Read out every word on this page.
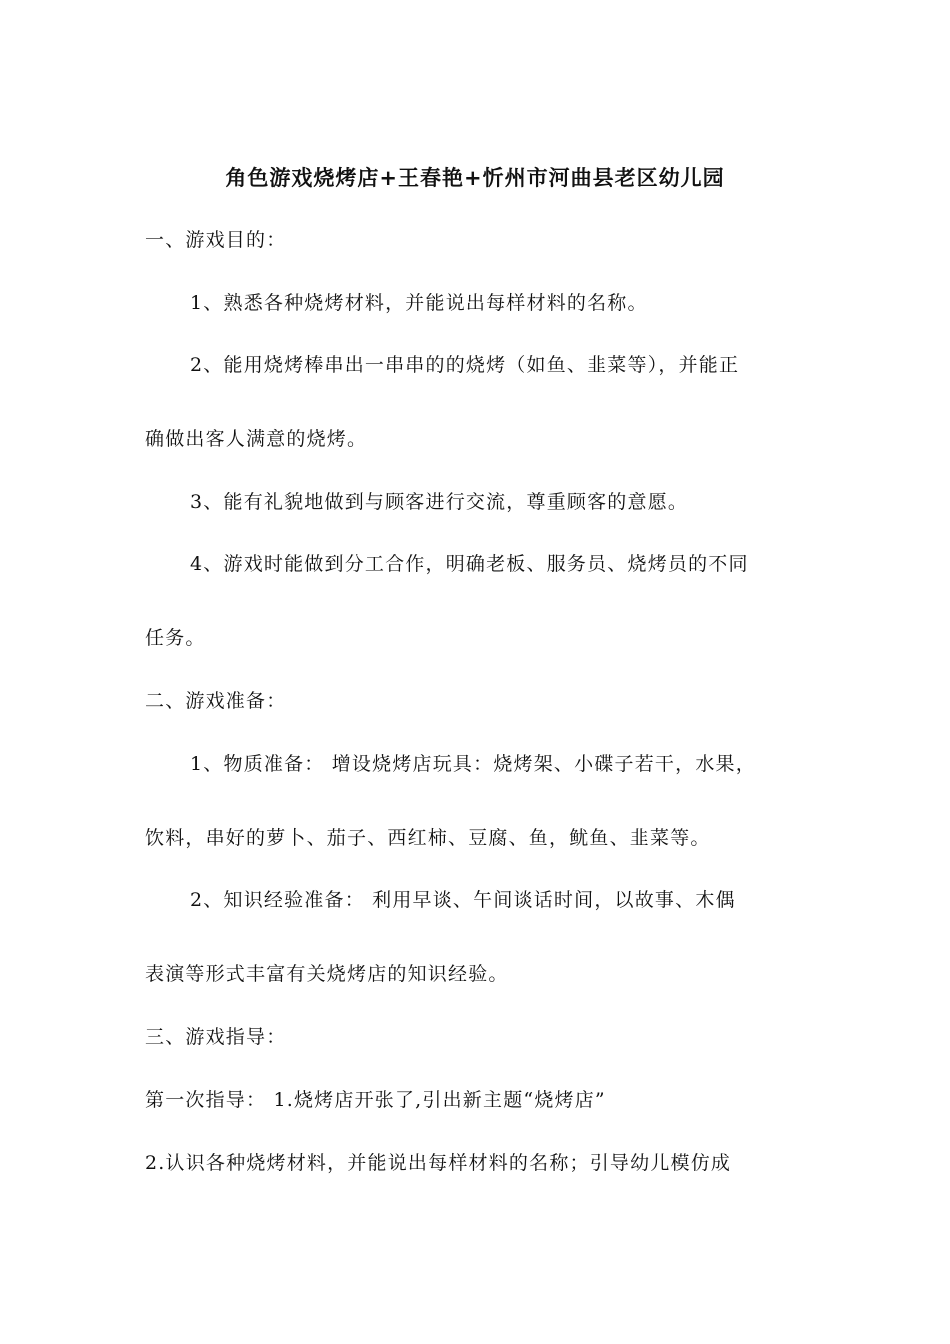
角色游戏烧烤店+王春艳+忻州市河曲县老区幼儿园
一、游戏目的：
1、熟悉各种烧烤材料，并能说出每样材料的名称。
2、能用烧烤棒串出一串串的的烧烤（如鱼、韭菜等），并能正
确做出客人满意的烧烤。
3、能有礼貌地做到与顾客进行交流，尊重顾客的意愿。
4、游戏时能做到分工合作，明确老板、服务员、烧烤员的不同
任务。
二、游戏准备：
1、物质准备： 增设烧烤店玩具：烧烤架、小碟子若干，水果，
饮料，串好的萝卜、茄子、西红柿、豆腐、鱼，鱿鱼、韭菜等。
2、知识经验准备： 利用早谈、午间谈话时间，以故事、木偶
表演等形式丰富有关烧烤店的知识经验。
三、游戏指导：
第一次指导： 1.烧烤店开张了,引出新主题“烧烤店”
2.认识各种烧烤材料，并能说出每样材料的名称；引导幼儿模仿成
